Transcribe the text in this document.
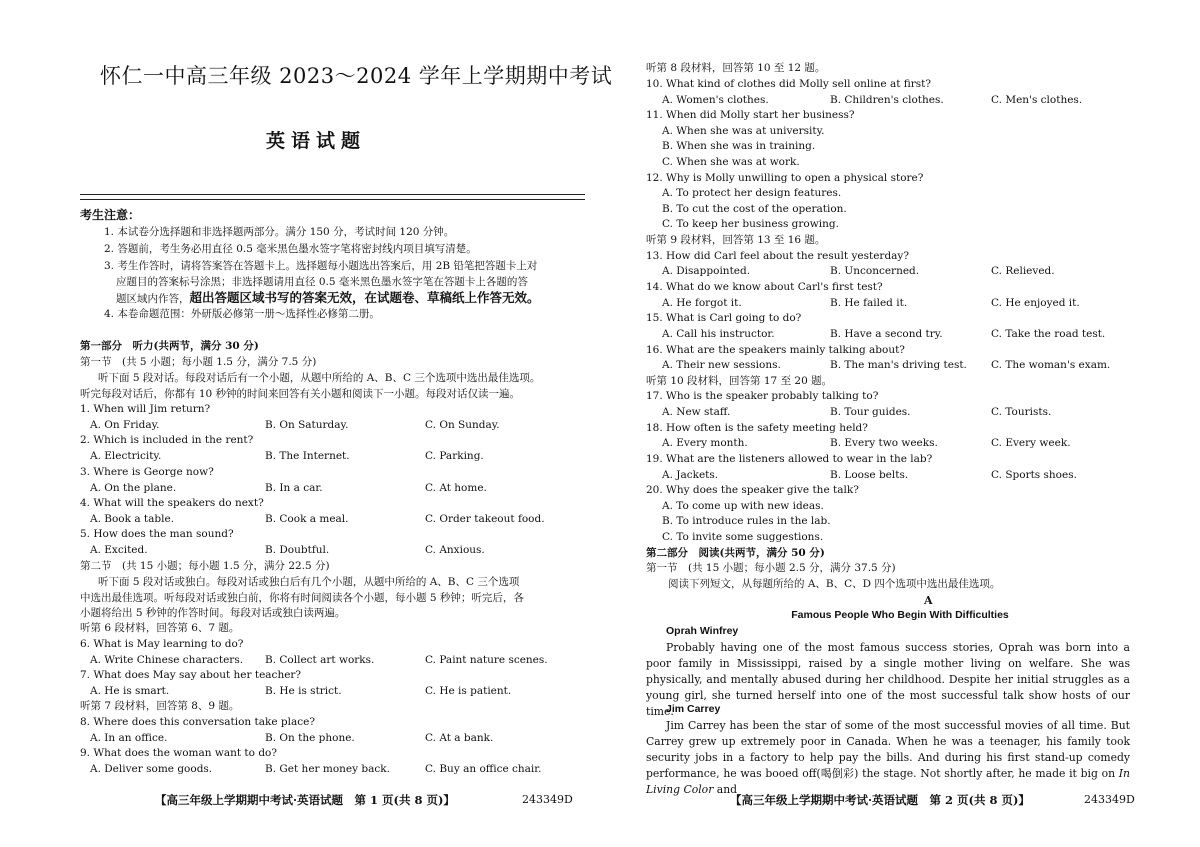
怀仁一中高三年级 2023～2024 学年上学期期中考试
英语试题
考生注意：
1. 本试卷分选择题和非选择题两部分。满分 150 分，考试时间 120 分钟。
2. 答题前，考生务必用直径 0.5 毫米黑色墨水签字笔将密封线内项目填写清楚。
3. 考生作答时，请将答案答在答题卡上。选择题每小题选出答案后，用 2B 铅笔把答题卡上对
应题目的答案标号涂黑；非选择题请用直径 0.5 毫米黑色墨水签字笔在答题卡上各题的答
题区域内作答，超出答题区域书写的答案无效，在试题卷、草稿纸上作答无效。
4. 本卷命题范围：外研版必修第一册～选择性必修第二册。
第一部分　听力(共两节，满分 30 分)
第一节　(共 5 小题；每小题 1.5 分，满分 7.5 分)
听下面 5 段对话。每段对话后有一个小题，从题中所给的 A、B、C 三个选项中选出最佳选项。
听完每段对话后，你都有 10 秒钟的时间来回答有关小题和阅读下一小题。每段对话仅读一遍。
1. When will Jim return?
A. On Friday.	B. On Saturday.	C. On Sunday.
2. Which is included in the rent?
A. Electricity.	B. The Internet.	C. Parking.
3. Where is George now?
A. On the plane.	B. In a car.	C. At home.
4. What will the speakers do next?
A. Book a table.	B. Cook a meal.	C. Order takeout food.
5. How does the man sound?
A. Excited.	B. Doubtful.	C. Anxious.
第二节　(共 15 小题；每小题 1.5 分，满分 22.5 分)
听下面 5 段对话或独白。每段对话或独白后有几个小题，从题中所给的 A、B、C 三个选项
中选出最佳选项。听每段对话或独白前，你将有时间阅读各个小题，每小题 5 秒钟；听完后，各
小题将给出 5 秒钟的作答时间。每段对话或独白读两遍。
听第 6 段材料，回答第 6、7 题。
6. What is May learning to do?
A. Write Chinese characters. B. Collect art works.	C. Paint nature scenes.
7. What does May say about her teacher?
A. He is smart.	B. He is strict.	C. He is patient.
听第 7 段材料，回答第 8、9 题。
8. Where does this conversation take place?
A. In an office.	B. On the phone.	C. At a bank.
9. What does the woman want to do?
A. Deliver some goods.	B. Get her money back.	C. Buy an office chair.
【高三年级上学期期中考试·英语试题　第 1 页(共 8 页)】	243349D
听第 8 段材料，回答第 10 至 12 题。
10. What kind of clothes did Molly sell online at first?
A. Women's clothes.	B. Children's clothes.	C. Men's clothes.
11. When did Molly start her business?
A. When she was at university.
B. When she was in training.
C. When she was at work.
12. Why is Molly unwilling to open a physical store?
A. To protect her design features.
B. To cut the cost of the operation.
C. To keep her business growing.
听第 9 段材料，回答第 13 至 16 题。
13. How did Carl feel about the result yesterday?
A. Disappointed.	B. Unconcerned.	C. Relieved.
14. What do we know about Carl's first test?
A. He forgot it.	B. He failed it.	C. He enjoyed it.
15. What is Carl going to do?
A. Call his instructor.	B. Have a second try.	C. Take the road test.
16. What are the speakers mainly talking about?
A. Their new sessions.	B. The man's driving test. C. The woman's exam.
听第 10 段材料，回答第 17 至 20 题。
17. Who is the speaker probably talking to?
A. New staff.	B. Tour guides.	C. Tourists.
18. How often is the safety meeting held?
A. Every month.	B. Every two weeks.	C. Every week.
19. What are the listeners allowed to wear in the lab?
A. Jackets.	B. Loose belts.	C. Sports shoes.
20. Why does the speaker give the talk?
A. To come up with new ideas.
B. To introduce rules in the lab.
C. To invite some suggestions.
第二部分　阅读(共两节，满分 50 分)
第一节　(共 15 小题；每小题 2.5 分，满分 37.5 分)
阅读下列短文，从每题所给的 A、B、C、D 四个选项中选出最佳选项。
A
Famous People Who Begin With Difficulties
Oprah Winfrey
Probably having one of the most famous success stories, Oprah was born into a poor family in Mississippi, raised by a single mother living on welfare. She was physically, and mentally abused during her childhood. Despite her initial struggles as a young girl, she turned herself into one of the most successful talk show hosts of our time.
Jim Carrey
Jim Carrey has been the star of some of the most successful movies of all time. But Carrey grew up extremely poor in Canada. When he was a teenager, his family took security jobs in a factory to help pay the bills. And during his first stand-up comedy performance, he was booed off(喝倒彩) the stage. Not shortly after, he made it big on In Living Color and
【高三年级上学期期中考试·英语试题　第 2 页(共 8 页)】	243349D
